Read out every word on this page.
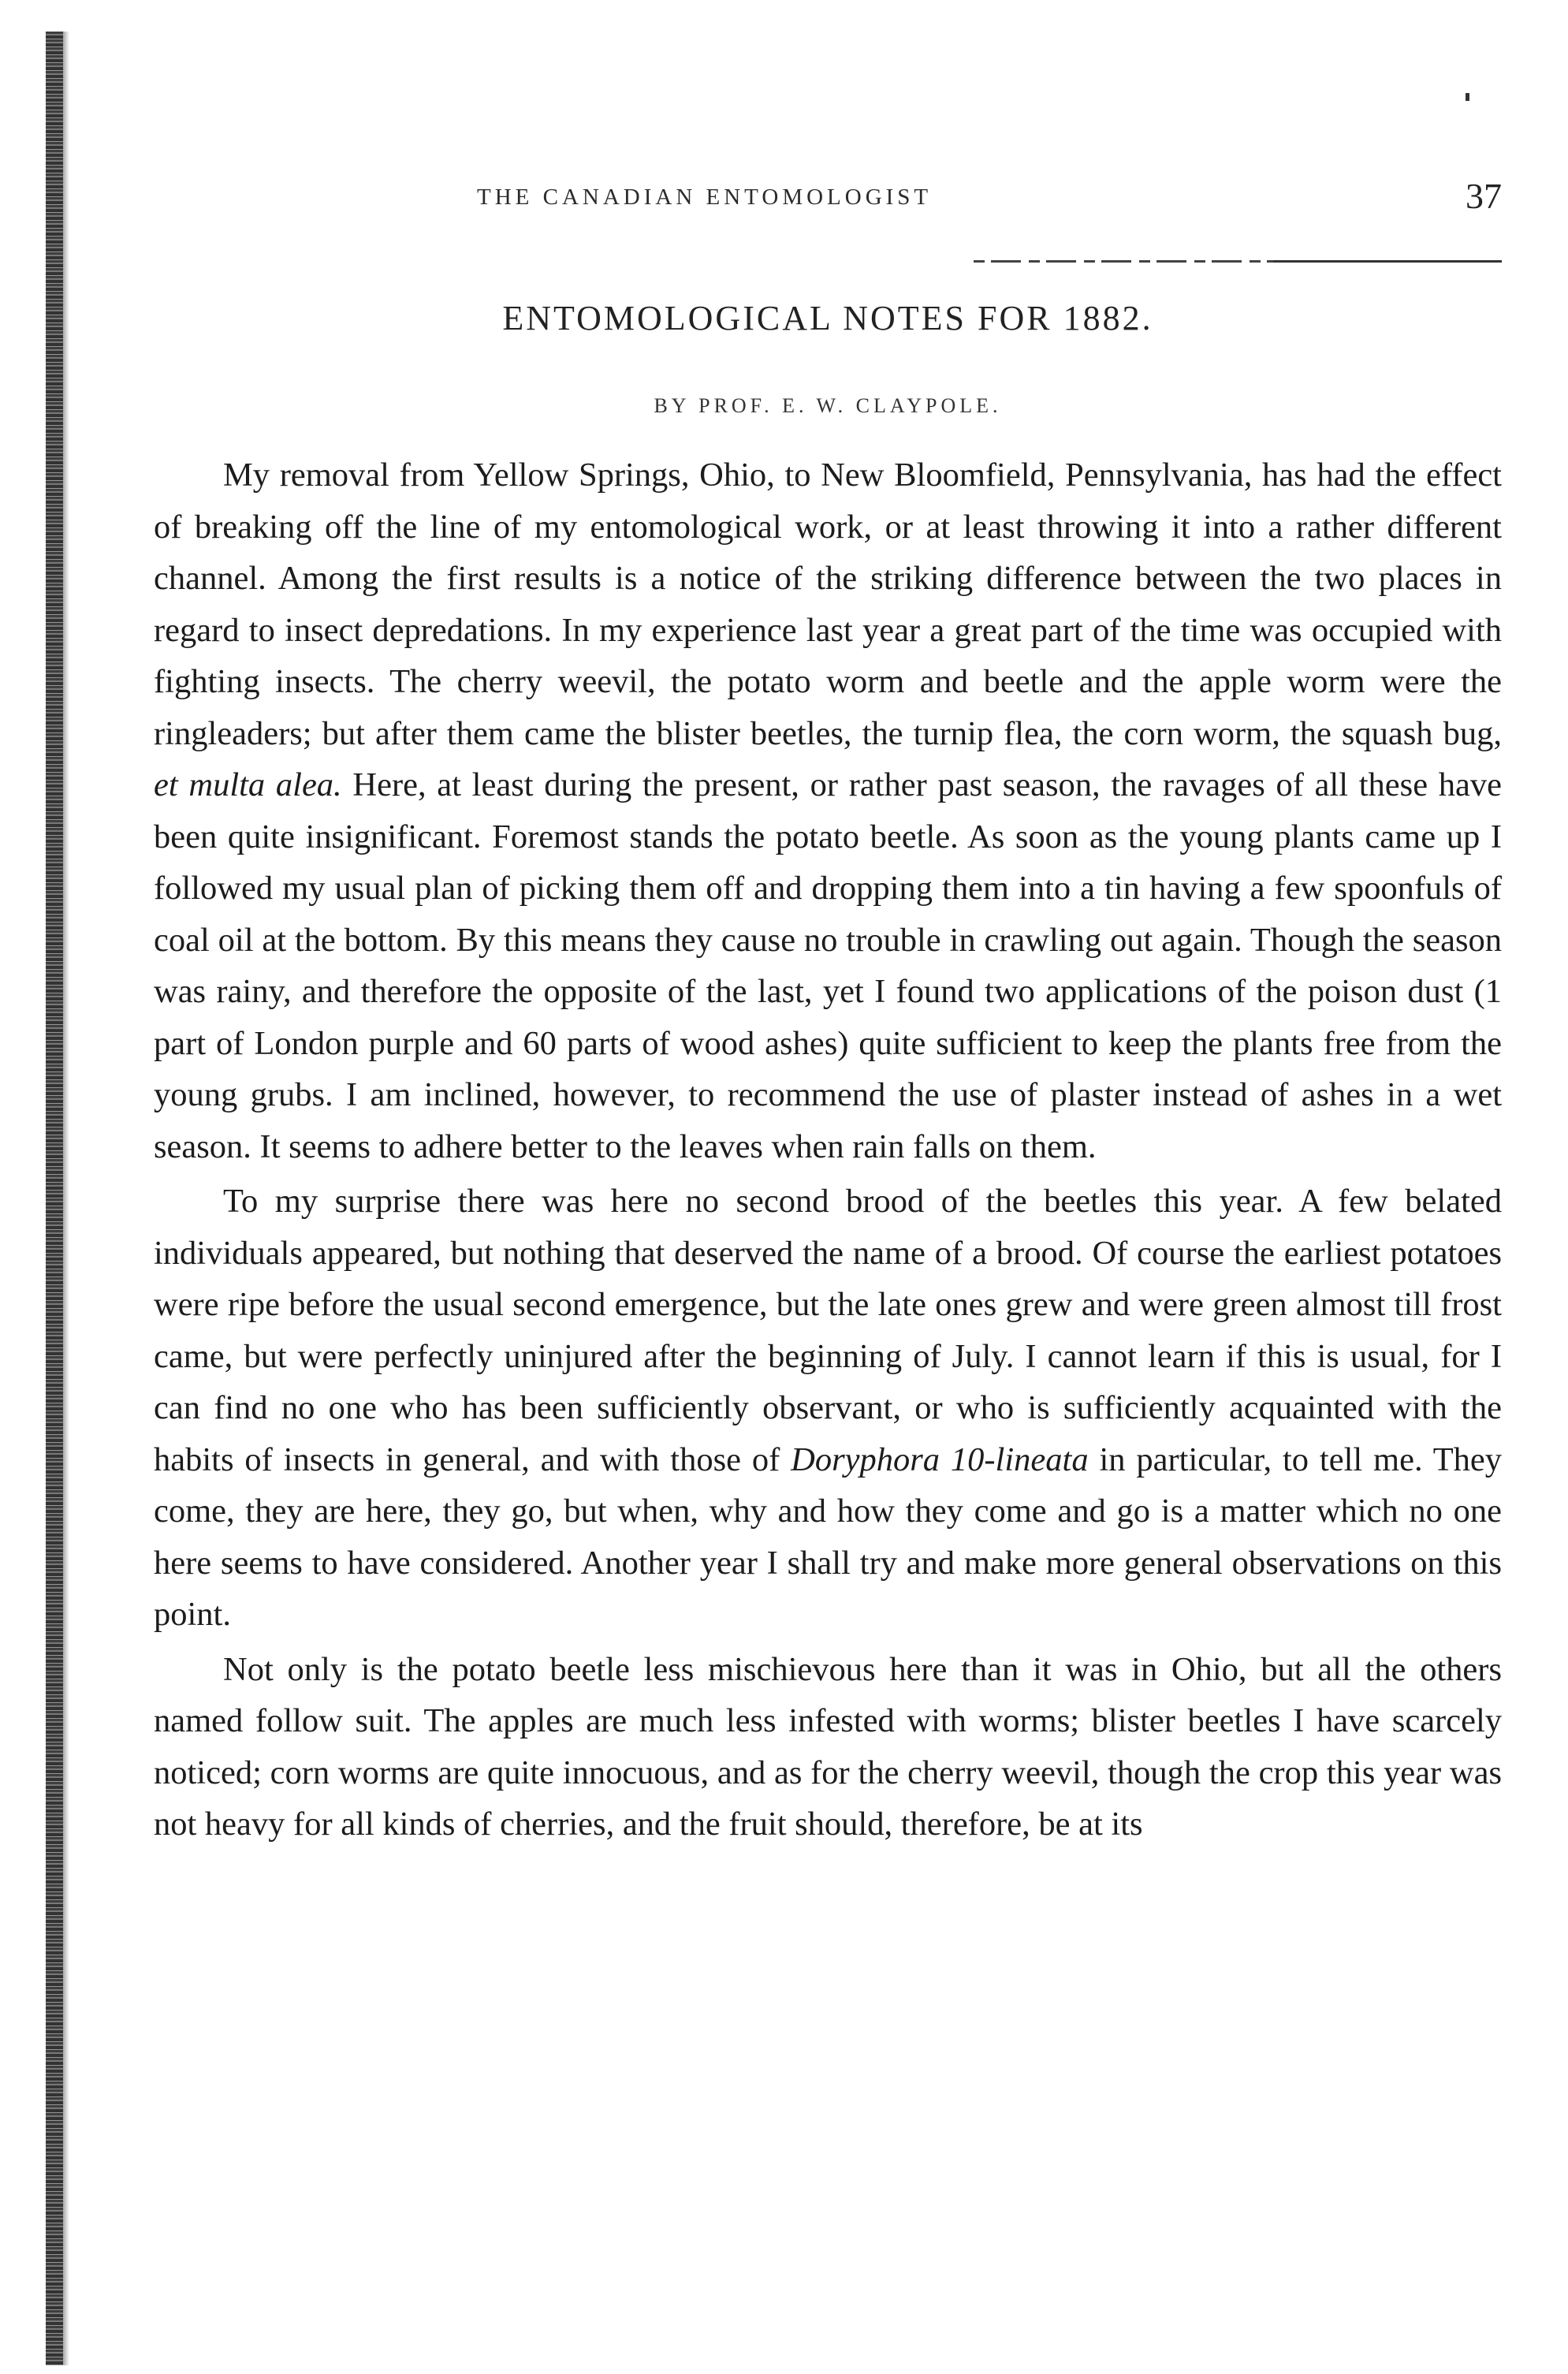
THE CANADIAN ENTOMOLOGIST	37
ENTOMOLOGICAL NOTES FOR 1882.
BY PROF. E. W. CLAYPOLE.

My removal from Yellow Springs, Ohio, to New Bloomfield, Pennsylvania, has had the effect of breaking off the line of my entomological work, or at least throwing it into a rather different channel. Among the first results is a notice of the striking difference between the two places in regard to insect depredations. In my experience last year a great part of the time was occupied with fighting insects. The cherry weevil, the potato worm and beetle and the apple worm were the ringleaders; but after them came the blister beetles, the turnip flea, the corn worm, the squash bug, et multa alea. Here, at least during the present, or rather past season, the ravages of all these have been quite insignificant. Foremost stands the potato beetle. As soon as the young plants came up I followed my usual plan of picking them off and dropping them into a tin having a few spoonfuls of coal oil at the bottom. By this means they cause no trouble in crawling out again. Though the season was rainy, and therefore the opposite of the last, yet I found two applications of the poison dust (1 part of London purple and 60 parts of wood ashes) quite sufficient to keep the plants free from the young grubs. I am inclined, however, to recommend the use of plaster instead of ashes in a wet season. It seems to adhere better to the leaves when rain falls on them.

To my surprise there was here no second brood of the beetles this year. A few belated individuals appeared, but nothing that deserved the name of a brood. Of course the earliest potatoes were ripe before the usual second emergence, but the late ones grew and were green almost till frost came, but were perfectly uninjured after the beginning of July. I cannot learn if this is usual, for I can find no one who has been sufficiently observant, or who is sufficiently acquainted with the habits of insects in general, and with those of Doryphora 10-lineata in particular, to tell me. They come, they are here, they go, but when, why and how they come and go is a matter which no one here seems to have considered. Another year I shall try and make more general observations on this point.

Not only is the potato beetle less mischievous here than it was in Ohio, but all the others named follow suit. The apples are much less infested with worms; blister beetles I have scarcely noticed; corn worms are quite innocuous, and as for the cherry weevil, though the crop this year was not heavy for all kinds of cherries, and the fruit should, therefore, be at its
